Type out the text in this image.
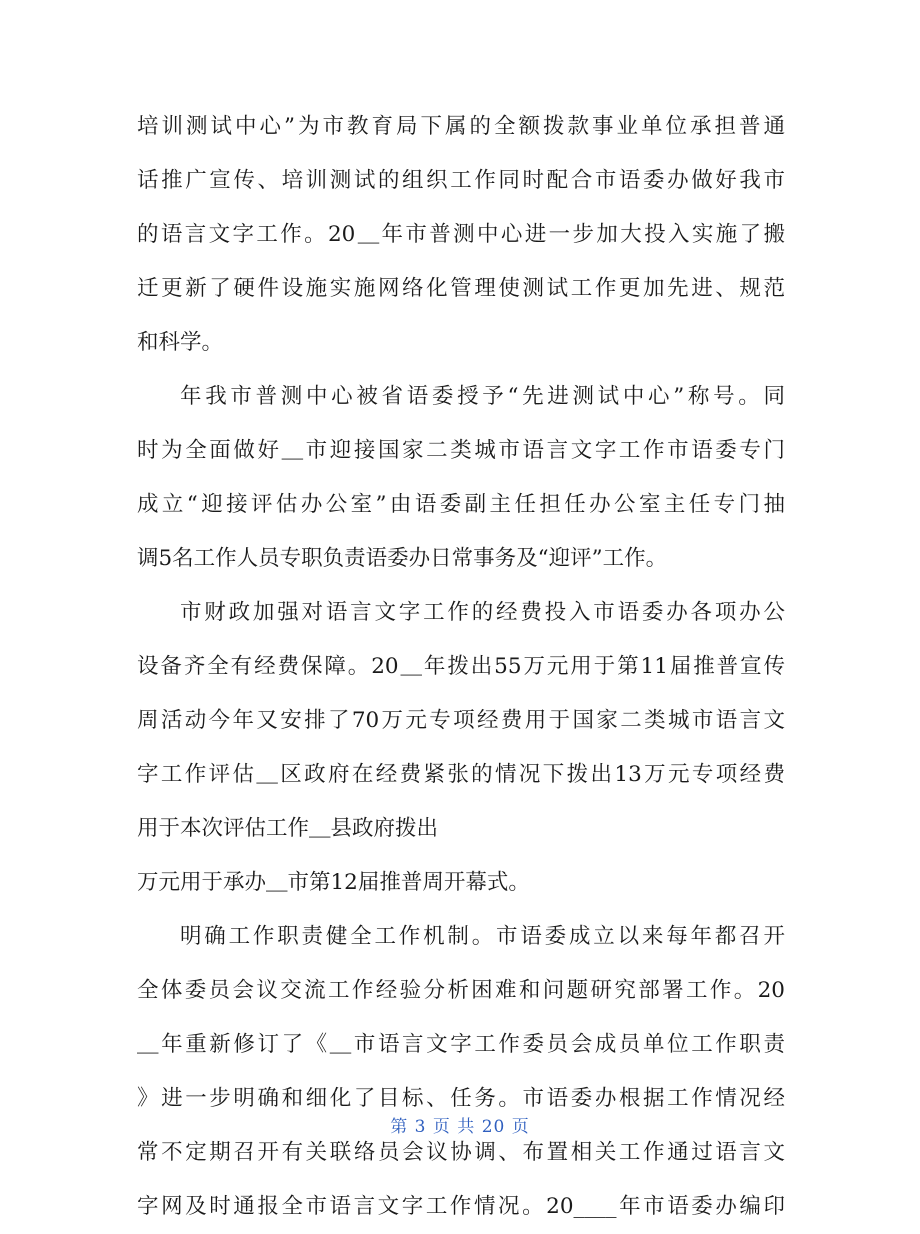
培训测试中心”为市教育局下属的全额拨款事业单位承担普通
话推广宣传、培训测试的组织工作同时配合市语委办做好我市
的语言文字工作。20＿年市普测中心进一步加大投入实施了搬
迁更新了硬件设施实施网络化管理使测试工作更加先进、规范
和科学。
年我市普测中心被省语委授予“先进测试中心”称号。同
时为全面做好＿市迎接国家二类城市语言文字工作市语委专门
成立“迎接评估办公室”由语委副主任担任办公室主任专门抽
调5名工作人员专职负责语委办日常事务及“迎评”工作。
市财政加强对语言文字工作的经费投入市语委办各项办公
设备齐全有经费保障。20＿年拨出55万元用于第11届推普宣传
周活动今年又安排了70万元专项经费用于国家二类城市语言文
字工作评估＿区政府在经费紧张的情况下拨出13万元专项经费
用于本次评估工作＿县政府拨出
万元用于承办＿市第12届推普周开幕式。
明确工作职责健全工作机制。市语委成立以来每年都召开
全体委员会议交流工作经验分析困难和问题研究部署工作。20
＿年重新修订了《＿市语言文字工作委员会成员单位工作职责
》进一步明确和细化了目标、任务。市语委办根据工作情况经
常不定期召开有关联络员会议协调、布置相关工作通过语言文
字网及时通报全市语言文字工作情况。20____年市语委办编印
第 3 页 共 20 页
